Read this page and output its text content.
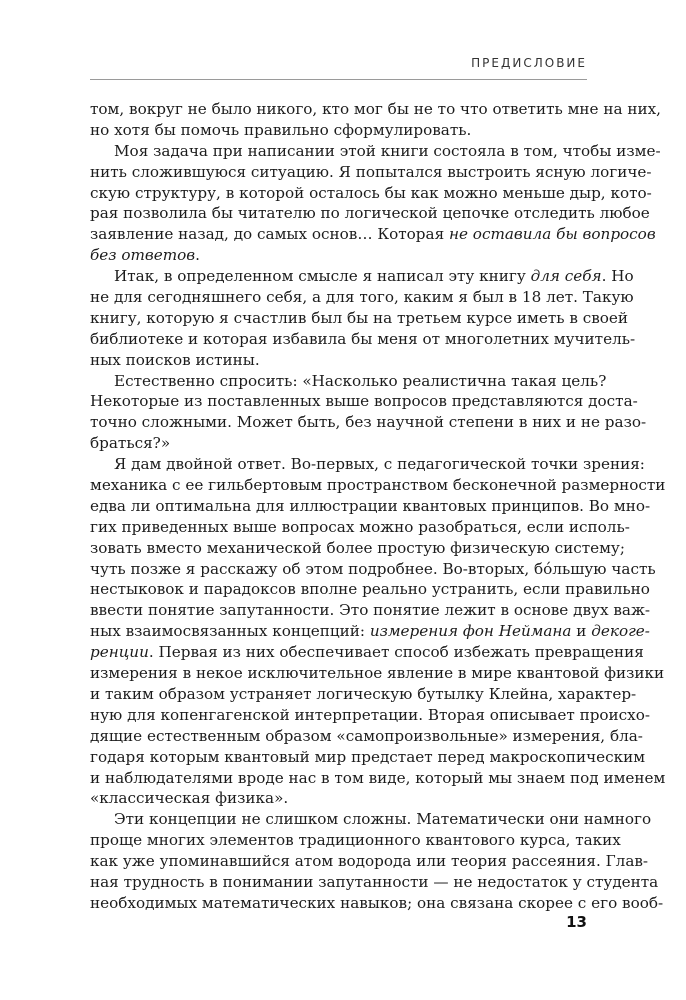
ПРЕДИСЛОВИЕ
том, вокруг не было никого, кто мог бы не то что ответить мне на них,
но хотя бы помочь правильно сформулировать.
Моя задача при написании этой книги состояла в том, чтобы изме-
нить сложившуюся ситуацию. Я попытался выстроить ясную логиче-
скую структуру, в которой осталось бы как можно меньше дыр, кото-
рая позволила бы читателю по логической цепочке отследить любое
заявление назад, до самых основ… Которая не оставила бы вопросов
без ответов.
Итак, в определенном смысле я написал эту книгу для себя. Но
не для сегодняшнего себя, а для того, каким я был в 18 лет. Такую
книгу, которую я счастлив был бы на третьем курсе иметь в своей
библиотеке и которая избавила бы меня от многолетних мучитель-
ных поисков истины.
Естественно спросить: «Насколько реалистична такая цель?
Некоторые из поставленных выше вопросов представляются доста-
точно сложными. Может быть, без научной степени в них и не разо-
браться?»
Я дам двойной ответ. Во-первых, с педагогической точки зрения:
механика с ее гильбертовым пространством бесконечной размерности
едва ли оптимальна для иллюстрации квантовых принципов. Во мно-
гих приведенных выше вопросах можно разобраться, если исполь-
зовать вместо механической более простую физическую систему;
чуть позже я расскажу об этом подробнее. Во-вторых, бóльшую часть
нестыковок и парадоксов вполне реально устранить, если правильно
ввести понятие запутанности. Это понятие лежит в основе двух важ-
ных взаимосвязанных концепций: измерения фон Неймана и декоге-
ренции. Первая из них обеспечивает способ избежать превращения
измерения в некое исключительное явление в мире квантовой физики
и таким образом устраняет логическую бутылку Клейна, характер-
ную для копенгагенской интерпретации. Вторая описывает происхо-
дящие естественным образом «самопроизвольные» измерения, бла-
годаря которым квантовый мир предстает перед макроскопическим
и наблюдателями вроде нас в том виде, который мы знаем под именем
«классическая физика».
Эти концепции не слишком сложны. Математически они намного
проще многих элементов традиционного квантового курса, таких
как уже упоминавшийся атом водорода или теория рассеяния. Глав-
ная трудность в понимании запутанности — не недостаток у студента
необходимых математических навыков; она связана скорее с его вооб-
13
